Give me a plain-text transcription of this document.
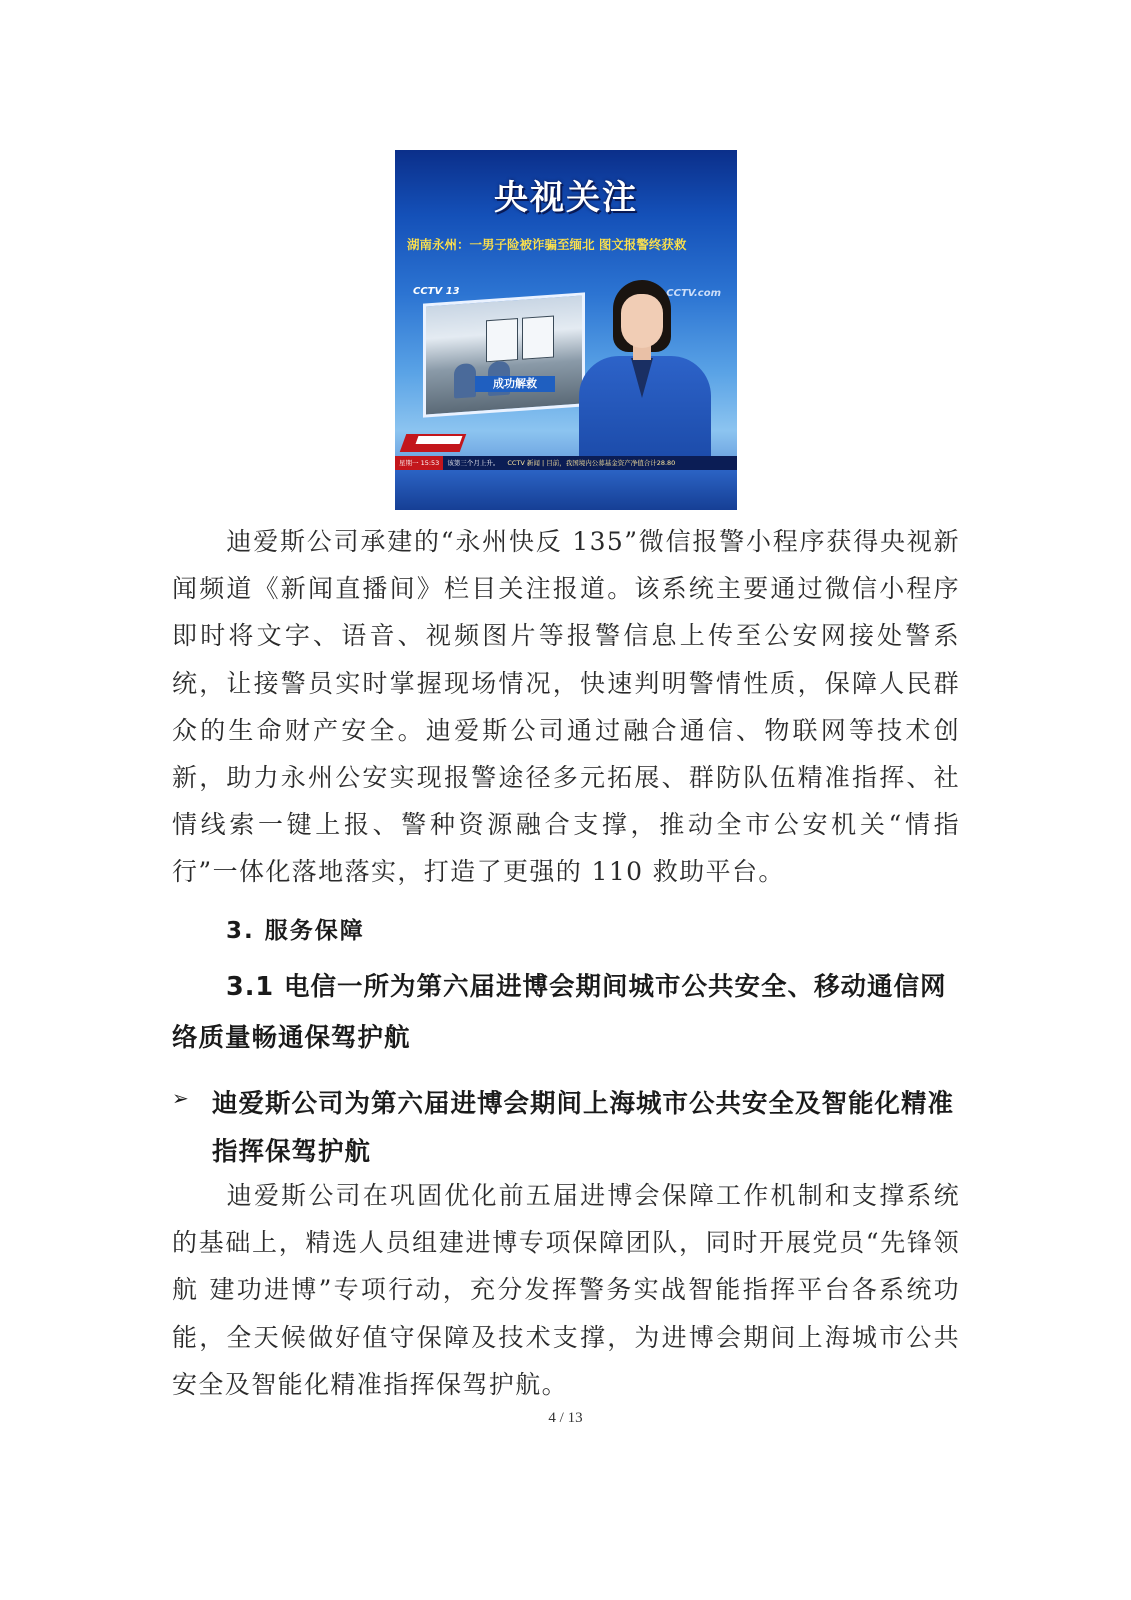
央视关注
湖南永州：一男子险被诈骗至缅北 图文报警终获救
CCTV 13	CCTV.com
成功解救
星期一 15:53 该第三个月上升。 CCTV 新闻 | 目前，我国境内公募基金资产净值合计28.80

迪爱斯公司承建的“永州快反 135”微信报警小程序获得央视新闻频道《新闻直播间》栏目关注报道。该系统主要通过微信小程序即时将文字、语音、视频图片等报警信息上传至公安网接处警系统，让接警员实时掌握现场情况，快速判明警情性质，保障人民群众的生命财产安全。迪爱斯公司通过融合通信、物联网等技术创新，助力永州公安实现报警途径多元拓展、群防队伍精准指挥、社情线索一键上报、警种资源融合支撑，推动全市公安机关“情指行”一体化落地落实，打造了更强的 110 救助平台。

3. 服务保障

3.1 电信一所为第六届进博会期间城市公共安全、移动通信网络质量畅通保驾护航

➢ 迪爱斯公司为第六届进博会期间上海城市公共安全及智能化精准指挥保驾护航

迪爱斯公司在巩固优化前五届进博会保障工作机制和支撑系统的基础上，精选人员组建进博专项保障团队，同时开展党员“先锋领航 建功进博”专项行动，充分发挥警务实战智能指挥平台各系统功能，全天候做好值守保障及技术支撑，为进博会期间上海城市公共安全及智能化精准指挥保驾护航。

4 / 13
